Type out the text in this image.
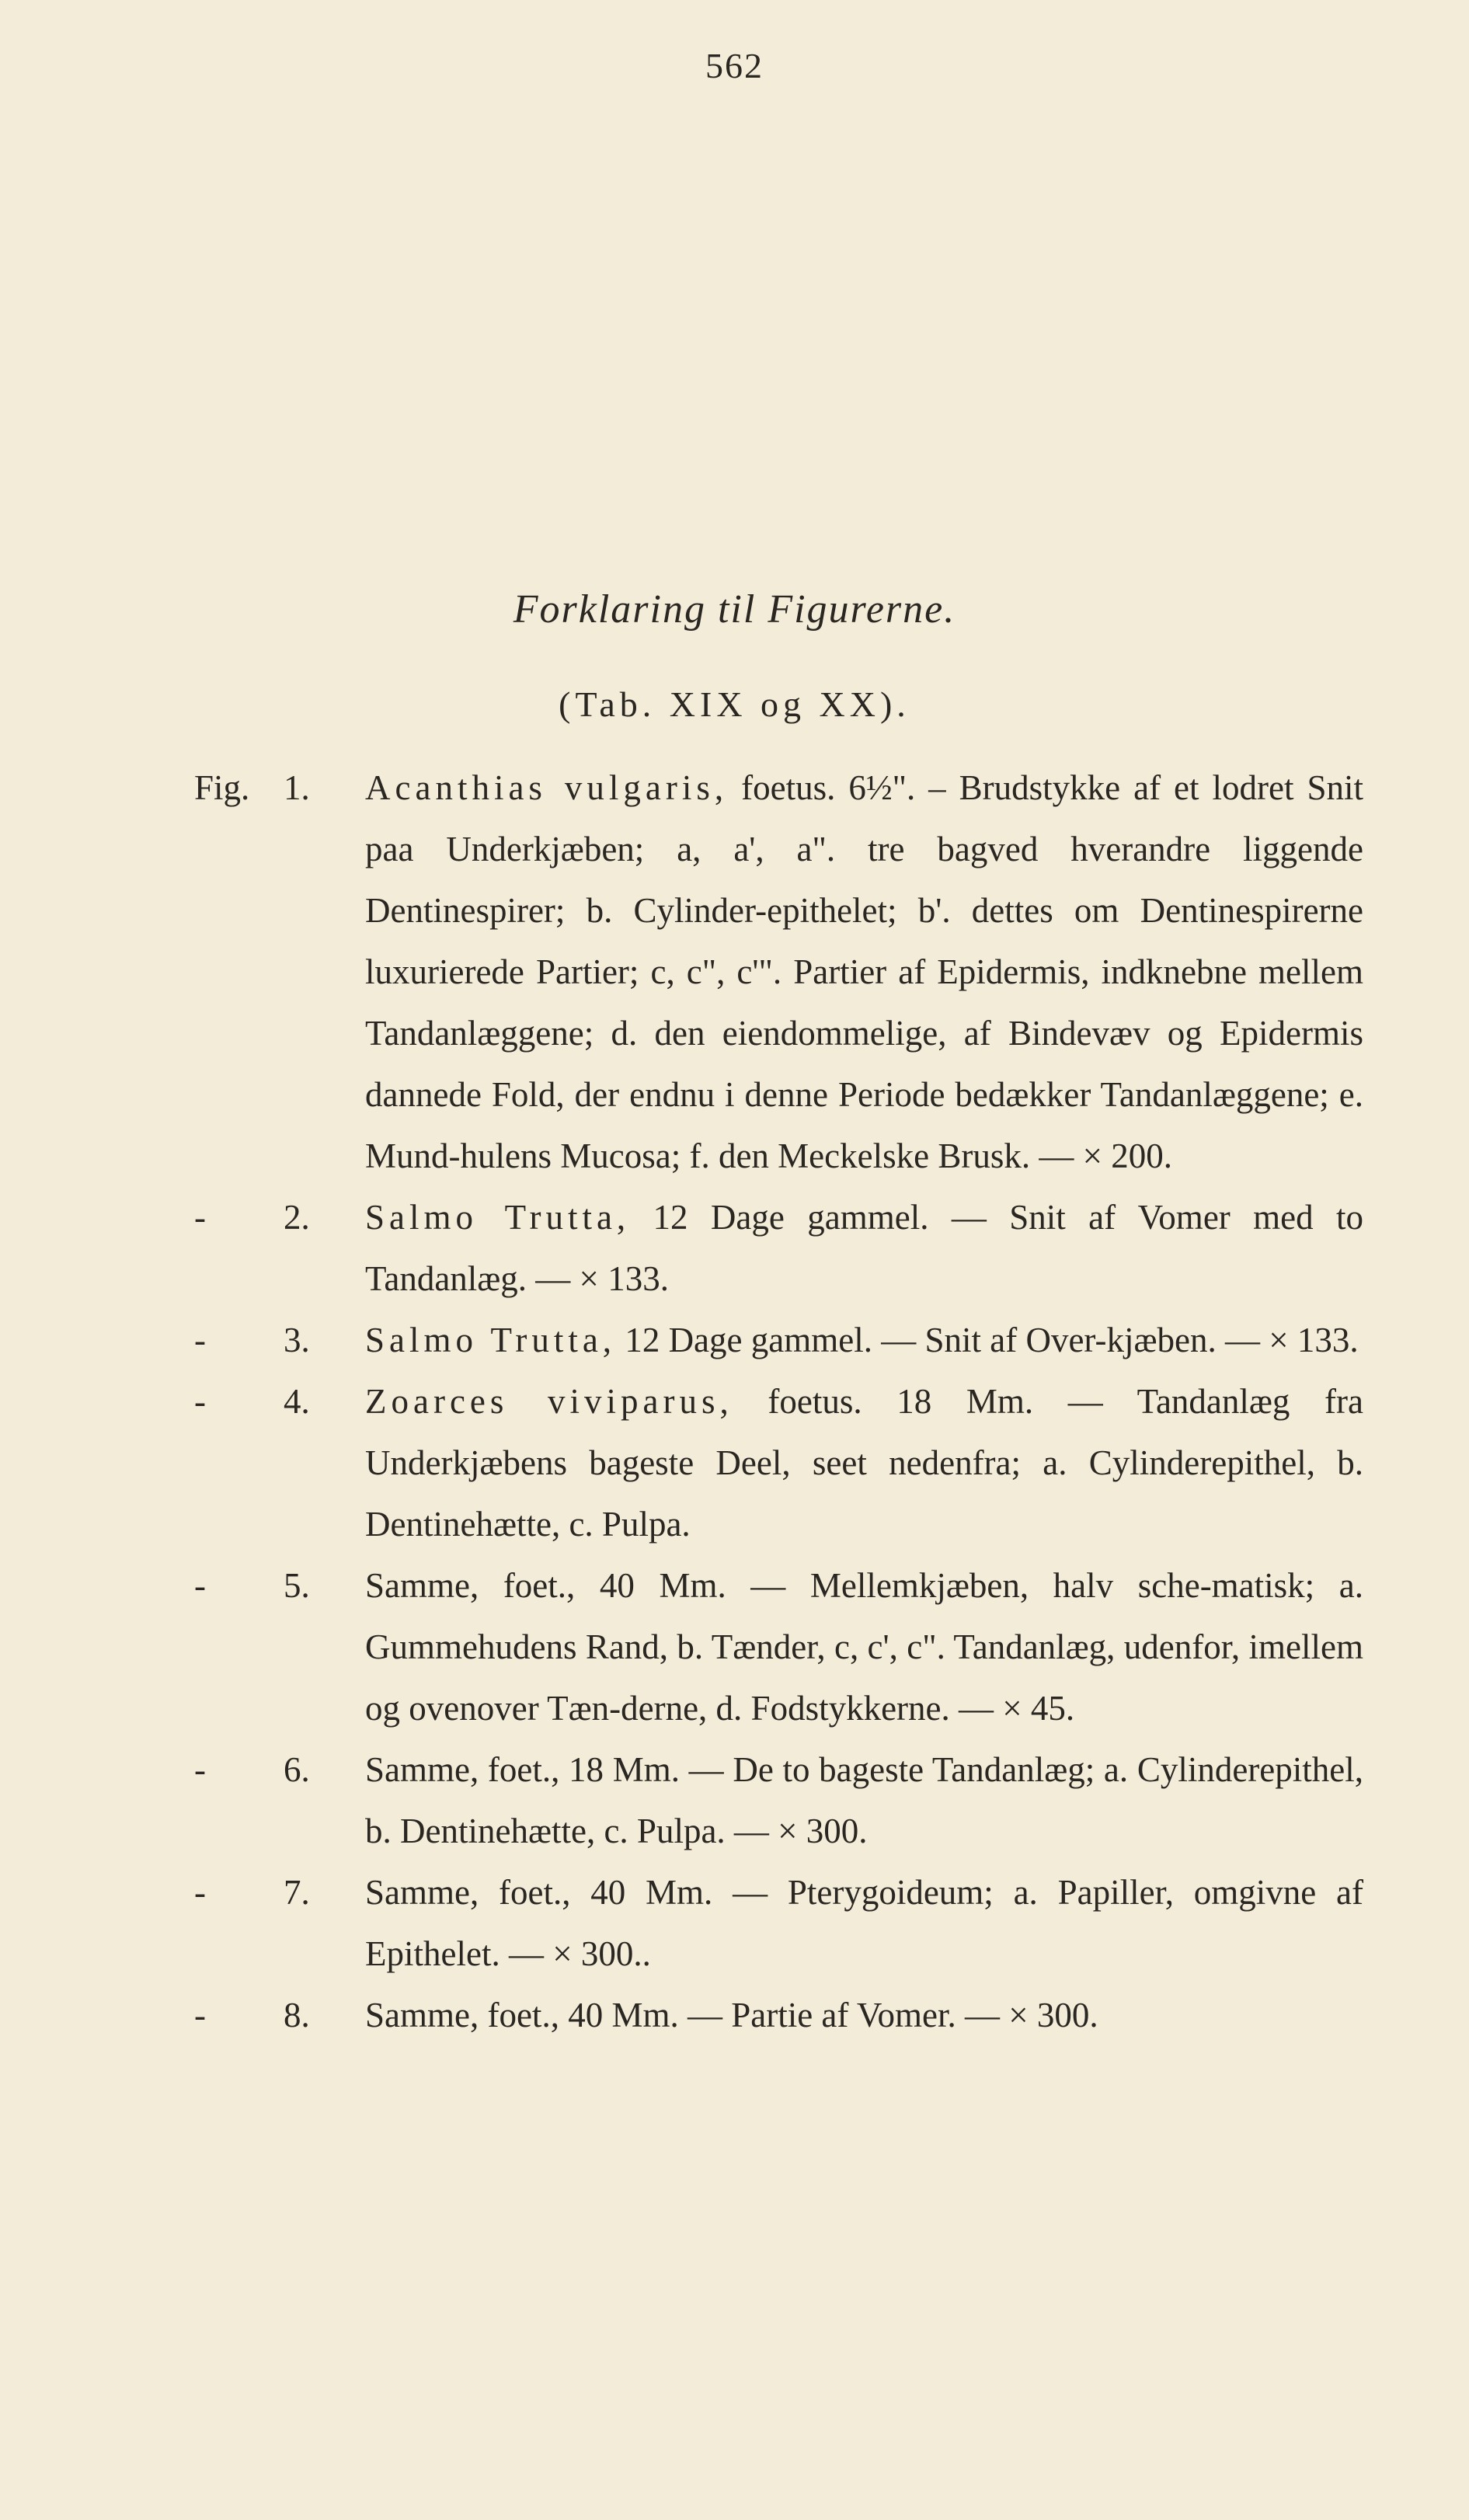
562
Forklaring til Figurerne.
(Tab. XIX og XX).
Fig. 1. Acanthias vulgaris, foetus. 6½". – Brudstykke af et lodret Snit paa Underkjæben; a, a', a". tre bagved hverandre liggende Dentinespirer; b. Cylinder-epithelet; b'. dettes om Dentinespirerne luxurierede Partier; c, c", c'". Partier af Epidermis, indknebne mellem Tandanlæggene; d. den eiendommelige, af Bindevæv og Epidermis dannede Fold, der endnu i denne Periode bedækker Tandanlæggene; e. Mund-hulens Mucosa; f. den Meckelske Brusk. — × 200.
- 2. Salmo Trutta, 12 Dage gammel. — Snit af Vomer med to Tandanlæg. — × 133.
- 3. Salmo Trutta, 12 Dage gammel. — Snit af Over-kjæben. — × 133.
- 4. Zoarces viviparus, foetus. 18 Mm. — Tandanlæg fra Underkjæbens bageste Deel, seet nedenfra; a. Cylinderepithel, b. Dentinehætte, c. Pulpa.
- 5. Samme, foet., 40 Mm. — Mellemkjæben, halv sche-matisk; a. Gummehudens Rand, b. Tænder, c, c', c". Tandanlæg, udenfor, imellem og ovenover Tæn-derne, d. Fodstykkerne. — × 45.
- 6. Samme, foet., 18 Mm. — De to bageste Tandanlæg; a. Cylinderepithel, b. Dentinehætte, c. Pulpa. — × 300.
- 7. Samme, foet., 40 Mm. — Pterygoideum; a. Papiller, omgivne af Epithelet. — × 300..
- 8. Samme, foet., 40 Mm. — Partie af Vomer. — × 300.
